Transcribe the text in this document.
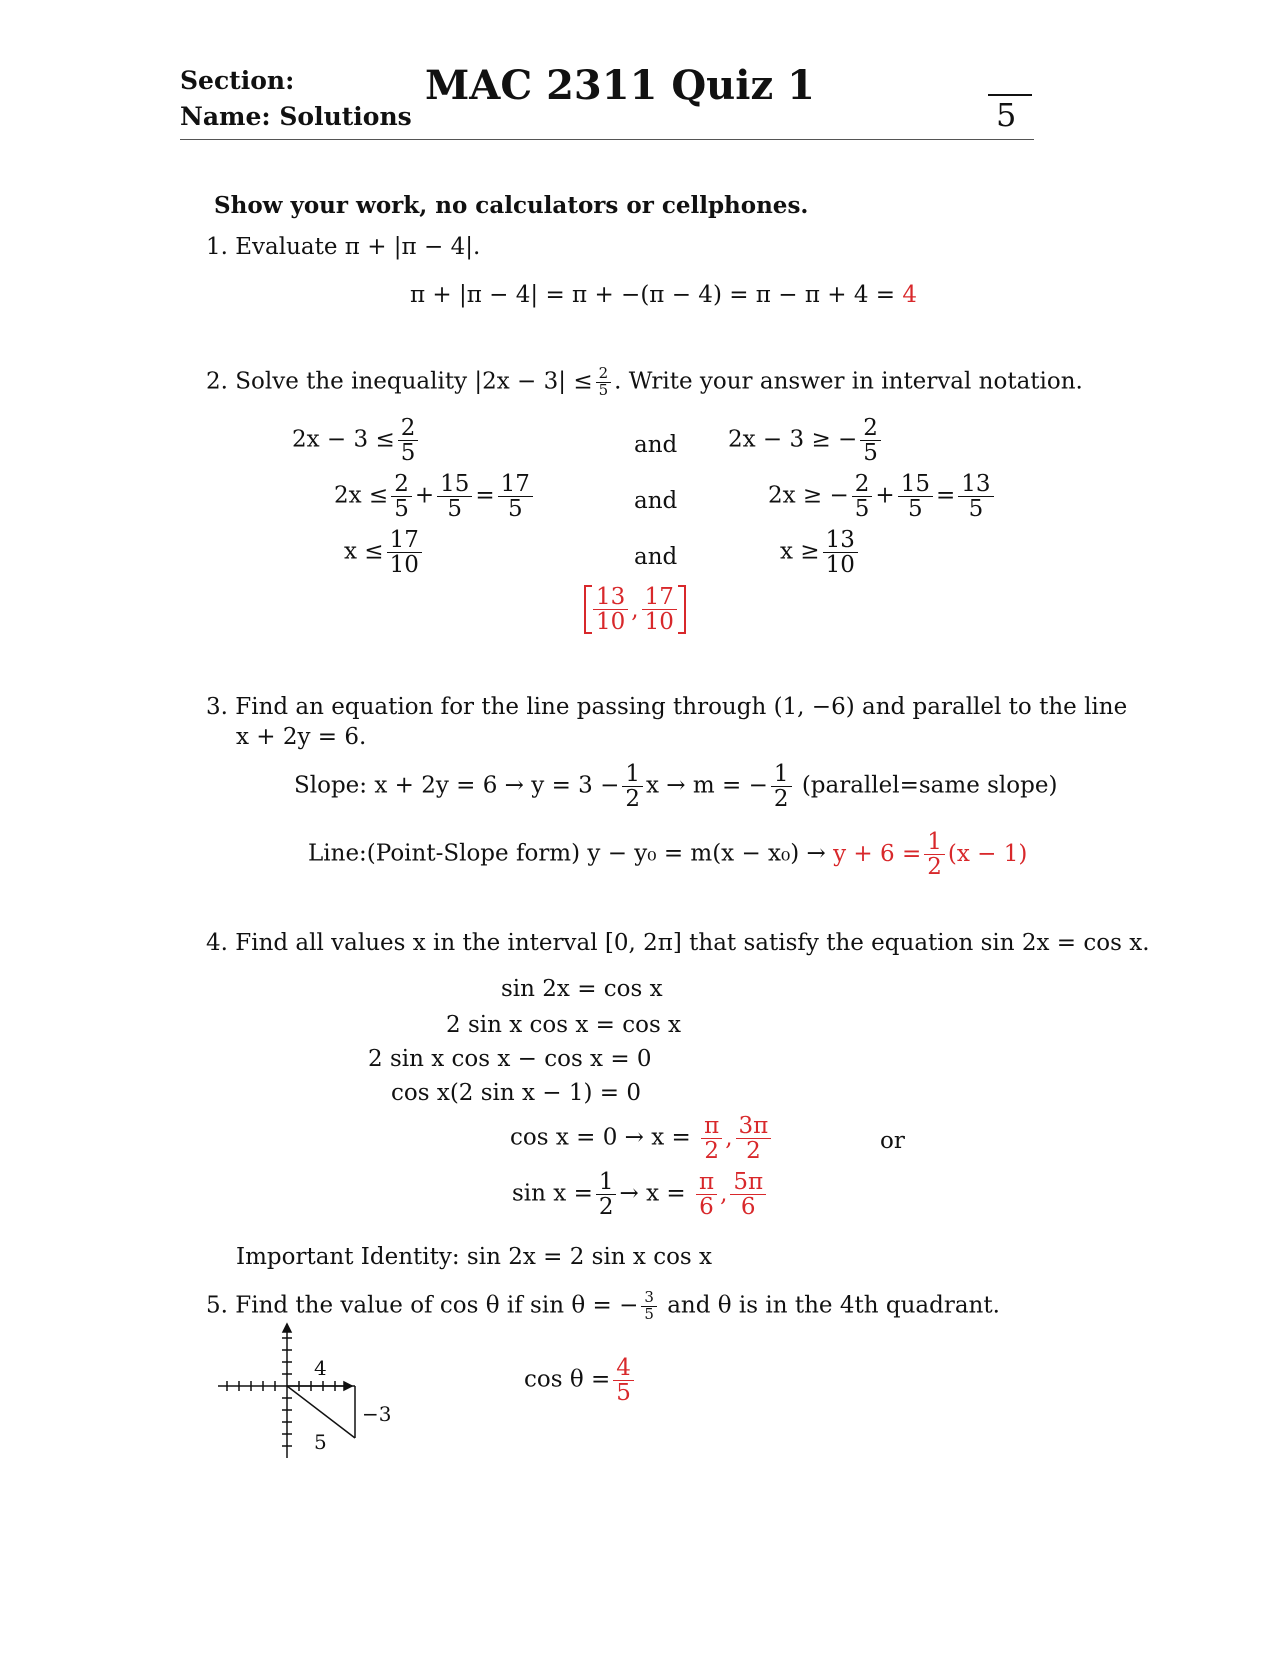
Section:
Name: Solutions
MAC 2311 Quiz 1
5
Show your work, no calculators or cellphones.
1. Evaluate π + |π − 4|.
π + |π − 4| = π + −(π − 4) = π − π + 4 = 4
2. Solve the inequality $|2x - 3| \le \frac{2}{5}$ . Write your answer in interval notation.
$2x - 3 \le \frac{2}{5}$
$2x \le \frac{2}{5} + \frac{15}{5} = \frac{17}{5}$
$x \le \frac{17}{10}$
and
and
and
2x − 3 ≥ − $\frac{2}{5}$
2x ≥ − $\frac{2}{5} + \frac{15}{5} = \frac{13}{5}$
$x \ge \frac{13}{10}$
$\frac{13}{10}$ , $\frac{17}{10}$
3. Find an equation for the line passing through (1, −6) and parallel to the line
x + 2y = 6.
Slope: $x + 2y = 6 \to y = 3 - \frac{1}{2}$ x → m = − $\frac{1}{2}$ (parallel=same slope)
Line:(Point-Slope form) $y - y_0 = m(x - x_0) \to y + 6 = \frac{1}{2} (x - 1)$
4. Find all values x in the interval [0, 2π] that satisfy the equation sin 2x = cos x.
sin 2x = cos x
2 sin x cos x = cos x
2 sin x cos x − cos x = 0
cos x(2 sin x − 1) = 0
$\cos x = 0 \to x = \frac{\pi}{2}$ , $\frac{3\pi}{2}$	or
$\sin x = \frac{1}{2} \to x = \frac{\pi}{6}$ , $\frac{5\pi}{6}$
Important Identity: sin 2x = 2 sin x cos x
5. Find the value of cos θ if sin θ = − $\frac{3}{5}$ and θ is in the 4th quadrant.
4
−3
5
$\cos \theta = \frac{4}{5}$
